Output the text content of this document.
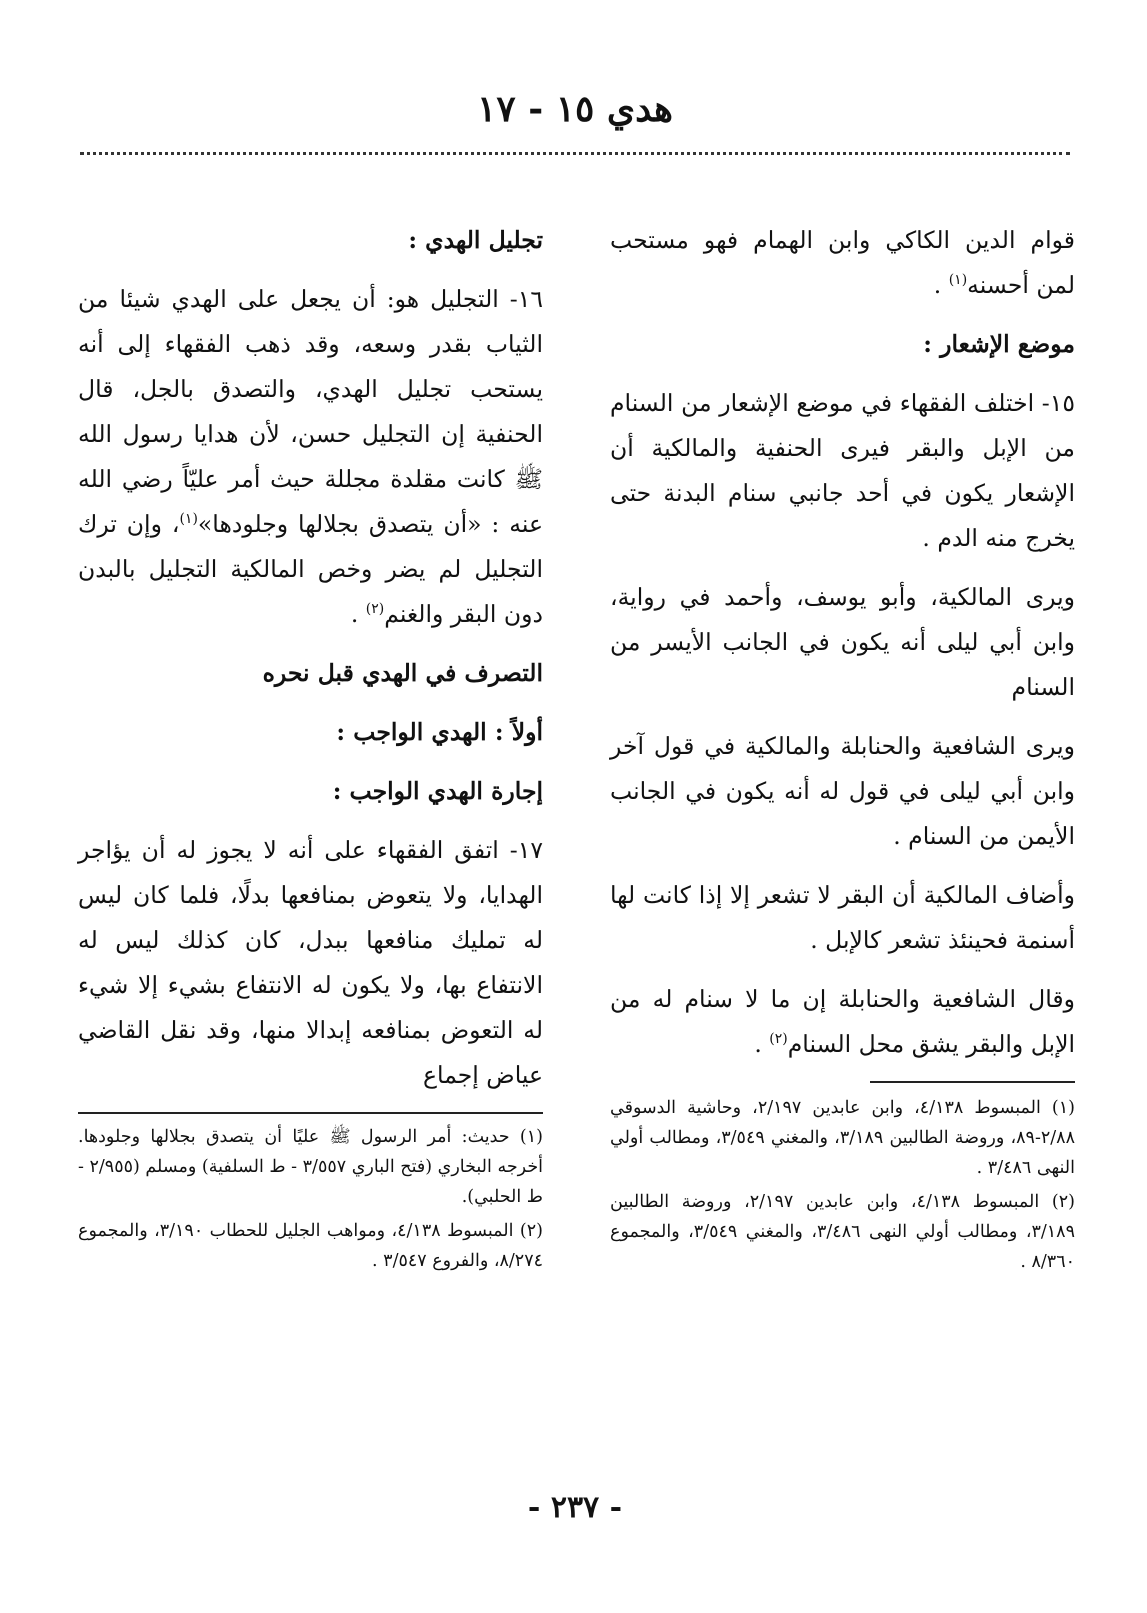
هدي ١٥ - ١٧

قوام الدين الكاكي وابن الهمام فهو مستحب لمن أحسنه$^{(١)}$ .

موضع الإشعار :

١٥- اختلف الفقهاء في موضع الإشعار من السنام من الإبل والبقر فيرى الحنفية والمالكية أن الإشعار يكون في أحد جانبي سنام البدنة حتى يخرج منه الدم .

ويرى المالكية، وأبو يوسف، وأحمد في رواية، وابن أبي ليلى أنه يكون في الجانب الأيسر من السنام

ويرى الشافعية والحنابلة والمالكية في قول آخر وابن أبي ليلى في قول له أنه يكون في الجانب الأيمن من السنام .

وأضاف المالكية أن البقر لا تشعر إلا إذا كانت لها أسنمة فحينئذ تشعر كالإبل .

وقال الشافعية والحنابلة إن ما لا سنام له من الإبل والبقر يشق محل السنام$^{(٢)}$ .

(١) المبسوط ٤/١٣٨، وابن عابدين ٢/١٩٧، وحاشية الدسوقي ٢/٨٨-٨٩، وروضة الطالبين ٣/١٨٩، والمغني ٣/٥٤٩، ومطالب أولي النهى ٣/٤٨٦ .

(٢) المبسوط ٤/١٣٨، وابن عابدين ٢/١٩٧، وروضة الطالبين ٣/١٨٩، ومطالب أولي النهى ٣/٤٨٦، والمغني ٣/٥٤٩، والمجموع ٨/٣٦٠ .

تجليل الهدي :

١٦- التجليل هو: أن يجعل على الهدي شيئا من الثياب بقدر وسعه، وقد ذهب الفقهاء إلى أنه يستحب تجليل الهدي، والتصدق بالجل، قال الحنفية إن التجليل حسن، لأن هدايا رسول الله ﷺ كانت مقلدة مجللة حيث أمر عليّاً رضي الله عنه : «أن يتصدق بجلالها وجلودها»$^{(١)}$، وإن ترك التجليل لم يضر وخص المالكية التجليل بالبدن دون البقر والغنم$^{(٢)}$ .

التصرف في الهدي قبل نحره

أولاً : الهدي الواجب :

إجارة الهدي الواجب :

١٧- اتفق الفقهاء على أنه لا يجوز له أن يؤاجر الهدايا، ولا يتعوض بمنافعها بدلًا، فلما كان ليس له تمليك منافعها ببدل، كان كذلك ليس له الانتفاع بها، ولا يكون له الانتفاع بشيء إلا شيء له التعوض بمنافعه إبدالا منها، وقد نقل القاضي عياض إجماع

(١) حديث: أمر الرسول ﷺ عليًا أن يتصدق بجلالها وجلودها. أخرجه البخاري (فتح الباري ٣/٥٥٧ - ط السلفية) ومسلم (٢/٩٥٥ - ط الحلبي).

(٢) المبسوط ٤/١٣٨، ومواهب الجليل للحطاب ٣/١٩٠، والمجموع ٨/٢٧٤، والفروع ٣/٥٤٧ .

- ٢٣٧ -
